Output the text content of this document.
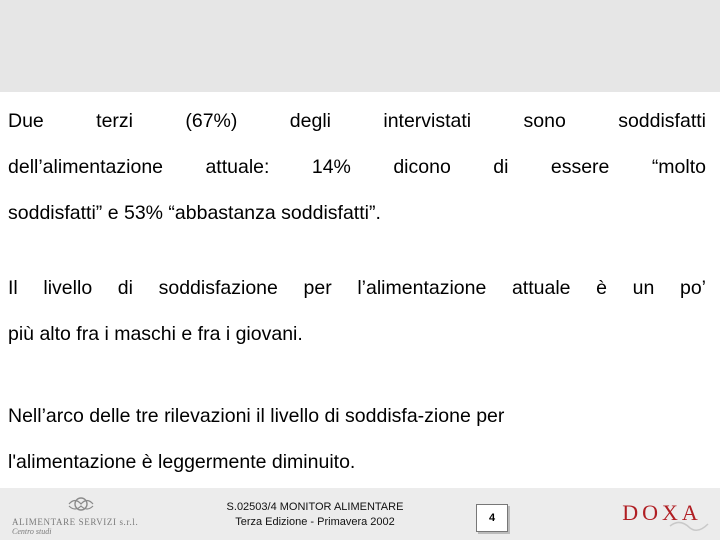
Due	terzi	(67%)	degli	intervistati	sono	soddisfatti
dell’alimentazione attuale: 14% dicono di essere “molto
soddisfatti” e 53% “abbastanza soddisfatti”.
Il livello di soddisfazione per l’alimentazione attuale è un po’
più alto fra i maschi e fra i giovani.
Nell’arco delle tre rilevazioni il livello di soddisfa-zione per
l'alimentazione è leggermente diminuito.
ALIMENTARE SERVIZI s.r.l.
Centro studi
S.02503/4 MONITOR ALIMENTARE
Terza Edizione - Primavera 2002	4	DOXA
